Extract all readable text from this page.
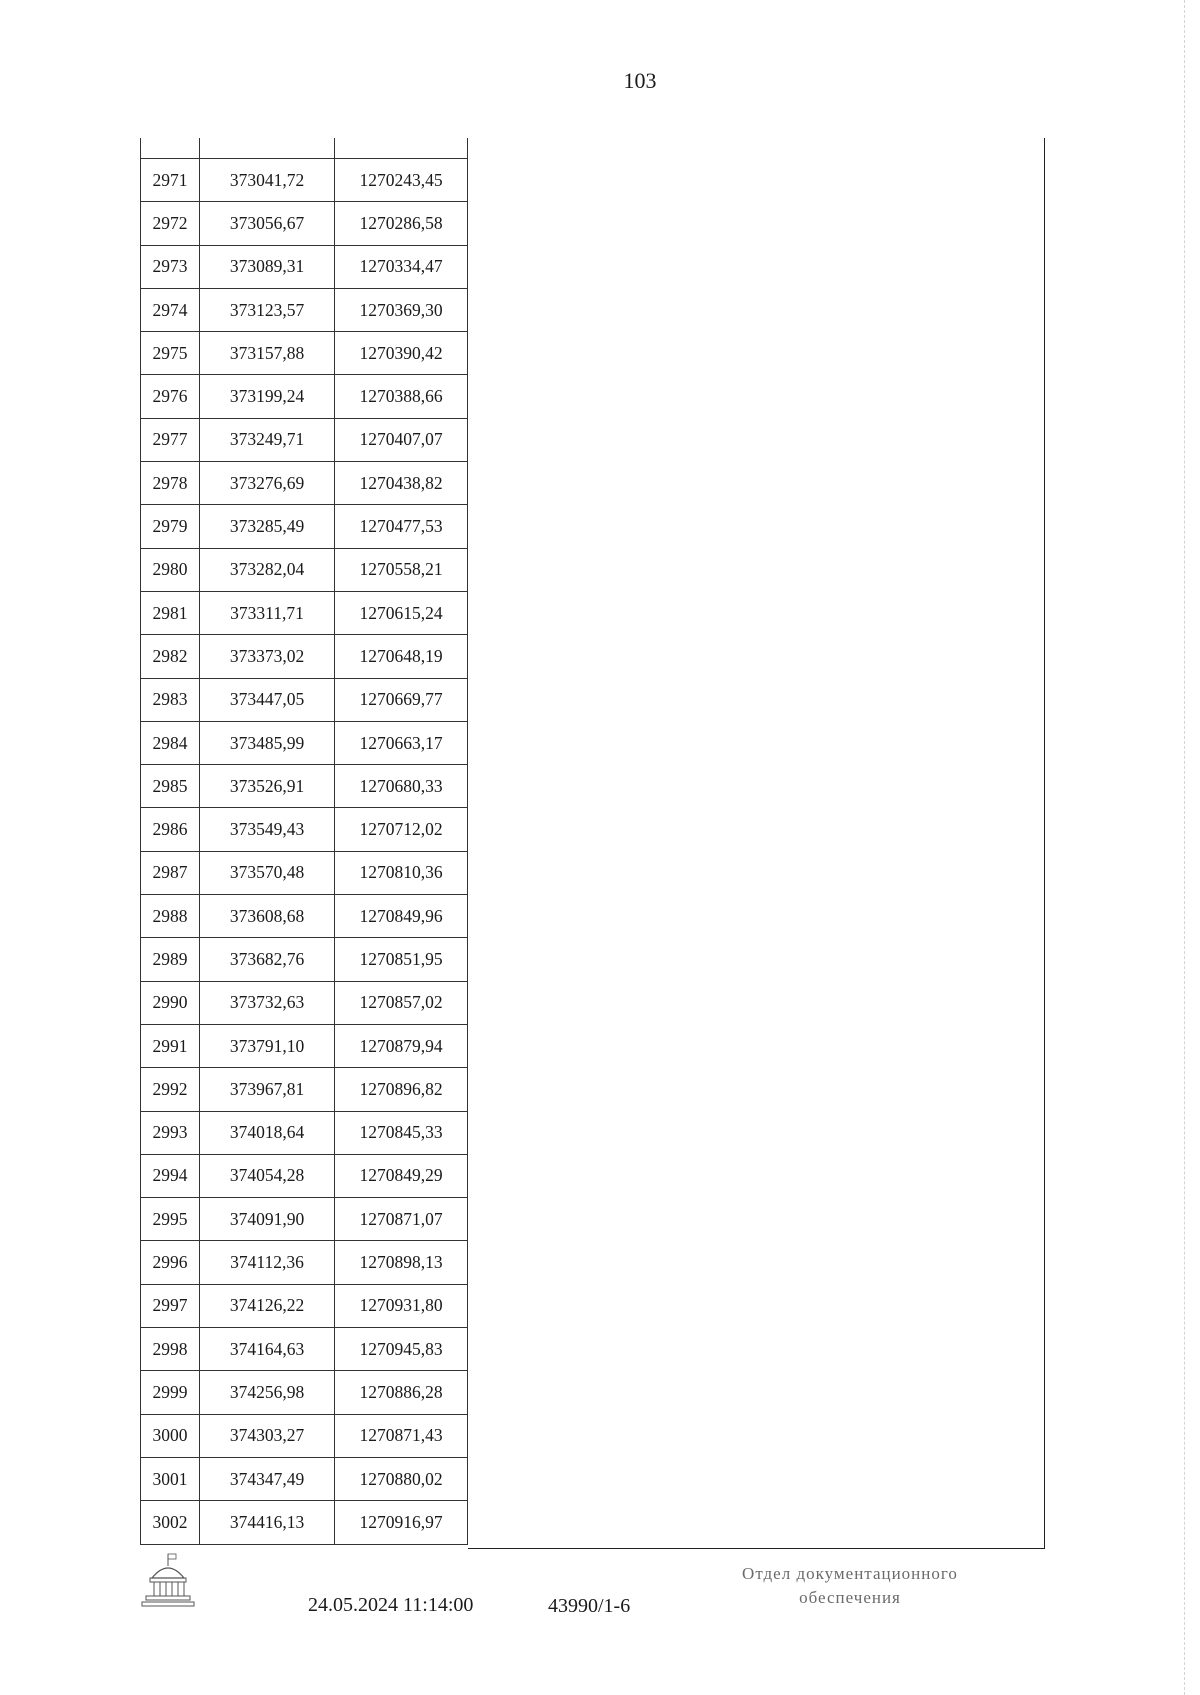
103

2971	373041,72	1270243,45
2972	373056,67	1270286,58
2973	373089,31	1270334,47
2974	373123,57	1270369,30
2975	373157,88	1270390,42
2976	373199,24	1270388,66
2977	373249,71	1270407,07
2978	373276,69	1270438,82
2979	373285,49	1270477,53
2980	373282,04	1270558,21
2981	373311,71	1270615,24
2982	373373,02	1270648,19
2983	373447,05	1270669,77
2984	373485,99	1270663,17
2985	373526,91	1270680,33
2986	373549,43	1270712,02
2987	373570,48	1270810,36
2988	373608,68	1270849,96
2989	373682,76	1270851,95
2990	373732,63	1270857,02
2991	373791,10	1270879,94
2992	373967,81	1270896,82
2993	374018,64	1270845,33
2994	374054,28	1270849,29
2995	374091,90	1270871,07
2996	374112,36	1270898,13
2997	374126,22	1270931,80
2998	374164,63	1270945,83
2999	374256,98	1270886,28
3000	374303,27	1270871,43
3001	374347,49	1270880,02
3002	374416,13	1270916,97
24.05.2024 11:14:00	43990/1-6
Отдел документационного
обеспечения
